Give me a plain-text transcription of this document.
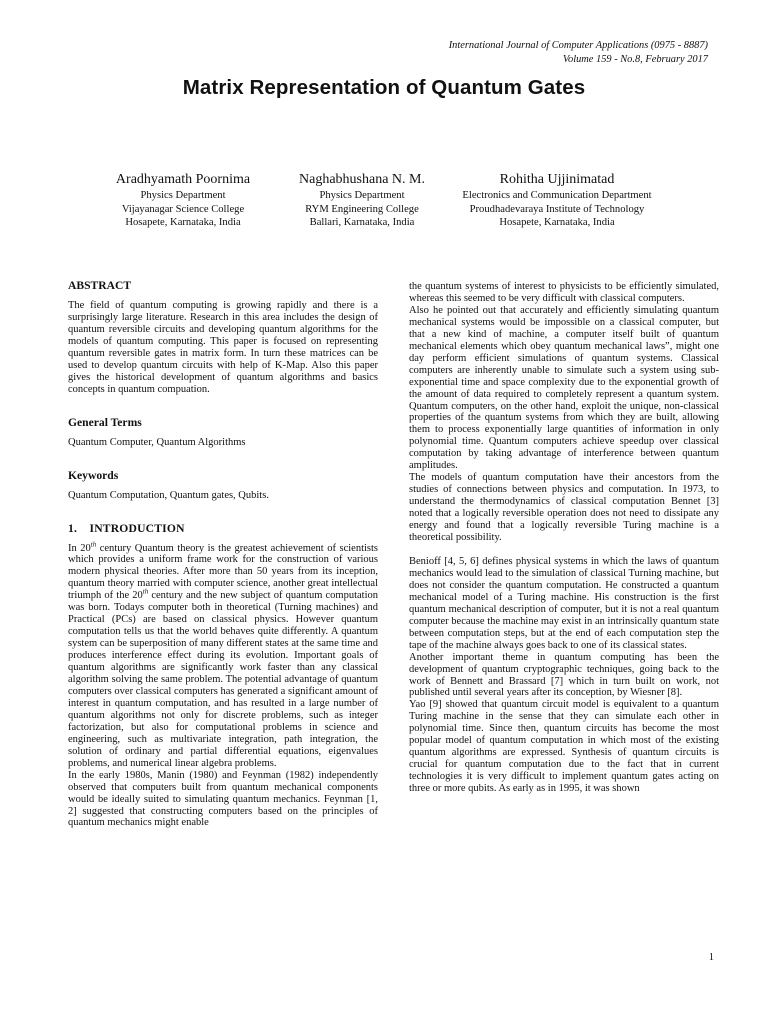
International Journal of Computer Applications (0975 - 8887)
Volume 159 - No.8, February 2017
Matrix Representation of Quantum Gates
Aradhyamath Poornima
Physics Department
Vijayanagar Science College
Hosapete, Karnataka, India
Naghabhushana N. M.
Physics Department
RYM Engineering College
Ballari, Karnataka, India
Rohitha Ujjinimatad
Electronics and Communication Department
Proudhadevaraya Institute of Technology
Hosapete, Karnataka, India
ABSTRACT

The field of quantum computing is growing rapidly and there is a surprisingly large literature. Research in this area includes the design of quantum reversible circuits and developing quantum algorithms for the models of quantum computing. This paper is focused on representing quantum reversible gates in matrix form. In turn these matrices can be used to develop quantum circuits with help of K-Map. Also this paper gives the historical development of quantum algorithms and basics concepts in quantum compuation.

General Terms

Quantum Computer, Quantum Algorithms

Keywords

Quantum Computation, Quantum gates, Qubits.

1.    INTRODUCTION

In 20th century Quantum theory is the greatest achievement of scientists which provides a uniform frame work for the construction of various modern physical theories. After more than 50 years from its inception, quantum theory married with computer science, another great intellectual triumph of the 20th century and the new subject of quantum computation was born. Todays computer both in theoretical (Turning machines) and Practical (PCs) are based on classical physics. However quantum computation tells us that the world behaves quite differently. A quantum system can be superposition of many different states at the same time and produces interference effect during its evolution. Important goals of quantum algorithms are significantly work faster than any classical algorithm solving the same problem. The potential advantage of quantum computers over classical computers has generated a significant amount of interest in quantum computation, and has resulted in a large number of quantum algorithms not only for discrete problems, such as integer factorization, but also for computational problems in science and engineering, such as multivariate integration, path integration, the solution of ordinary and partial differential equations, eigenvalues problems, and numerical linear algebra problems.

In the early 1980s, Manin (1980) and Feynman (1982) independently observed that computers built from quantum mechanical components would be ideally suited to simulating quantum mechanics. Feynman [1, 2] suggested that constructing computers based on the principles of quantum mechanics might enable

the quantum systems of interest to physicists to be efficiently simulated, whereas this seemed to be very difficult with classical computers.

Also he pointed out that accurately and efficiently simulating quantum mechanical systems would be impossible on a classical computer, but that a new kind of machine, a computer itself built of quantum mechanical elements which obey quantum mechanical laws”, might one day perform efficient simulations of quantum systems. Classical computers are inherently unable to simulate such a system using sub-exponential time and space complexity due to the exponential growth of the amount of data required to completely represent a quantum system. Quantum computers, on the other hand, exploit the unique, non-classical properties of the quantum systems from which they are built, allowing them to process exponentially large quantities of information in only polynomial time. Quantum computers achieve speedup over classical computation by taking advantage of interference between quantum amplitudes.

The models of quantum computation have their ancestors from the studies of connections between physics and computation. In 1973, to understand the thermodynamics of classical computation Bennet [3] noted that a logically reversible operation does not need to dissipate any energy and found that a logically reversible Turing machine is a theoretical possibility.

Benioff [4, 5, 6] defines physical systems in which the laws of quantum mechanics would lead to the simulation of classical Turning machine, but does not consider the quantum computation. He constructed a quantum mechanical model of a Turing machine. His construction is the first quantum mechanical description of computer, but it is not a real quantum computer because the machine may exist in an intrinsically quantum state between computation steps, but at the end of each computation step the tape of the machine always goes back to one of its classical states.

Another important theme in quantum computing has been the development of quantum cryptographic techniques, going back to the work of Bennett and Brassard [7] which in turn built on work, not published until several years after its conception, by Wiesner [8].

Yao [9] showed that quantum circuit model is equivalent to a quantum Turing machine in the sense that they can simulate each other in polynomial time. Since then, quantum circuits has become the most popular model of quantum computation in which most of the existing quantum algorithms are expressed. Synthesis of quantum circuits is crucial for quantum computation due to the fact that in current technologies it is very difficult to implement quantum gates acting on three or more qubits. As early as in 1995, it was shown

1
